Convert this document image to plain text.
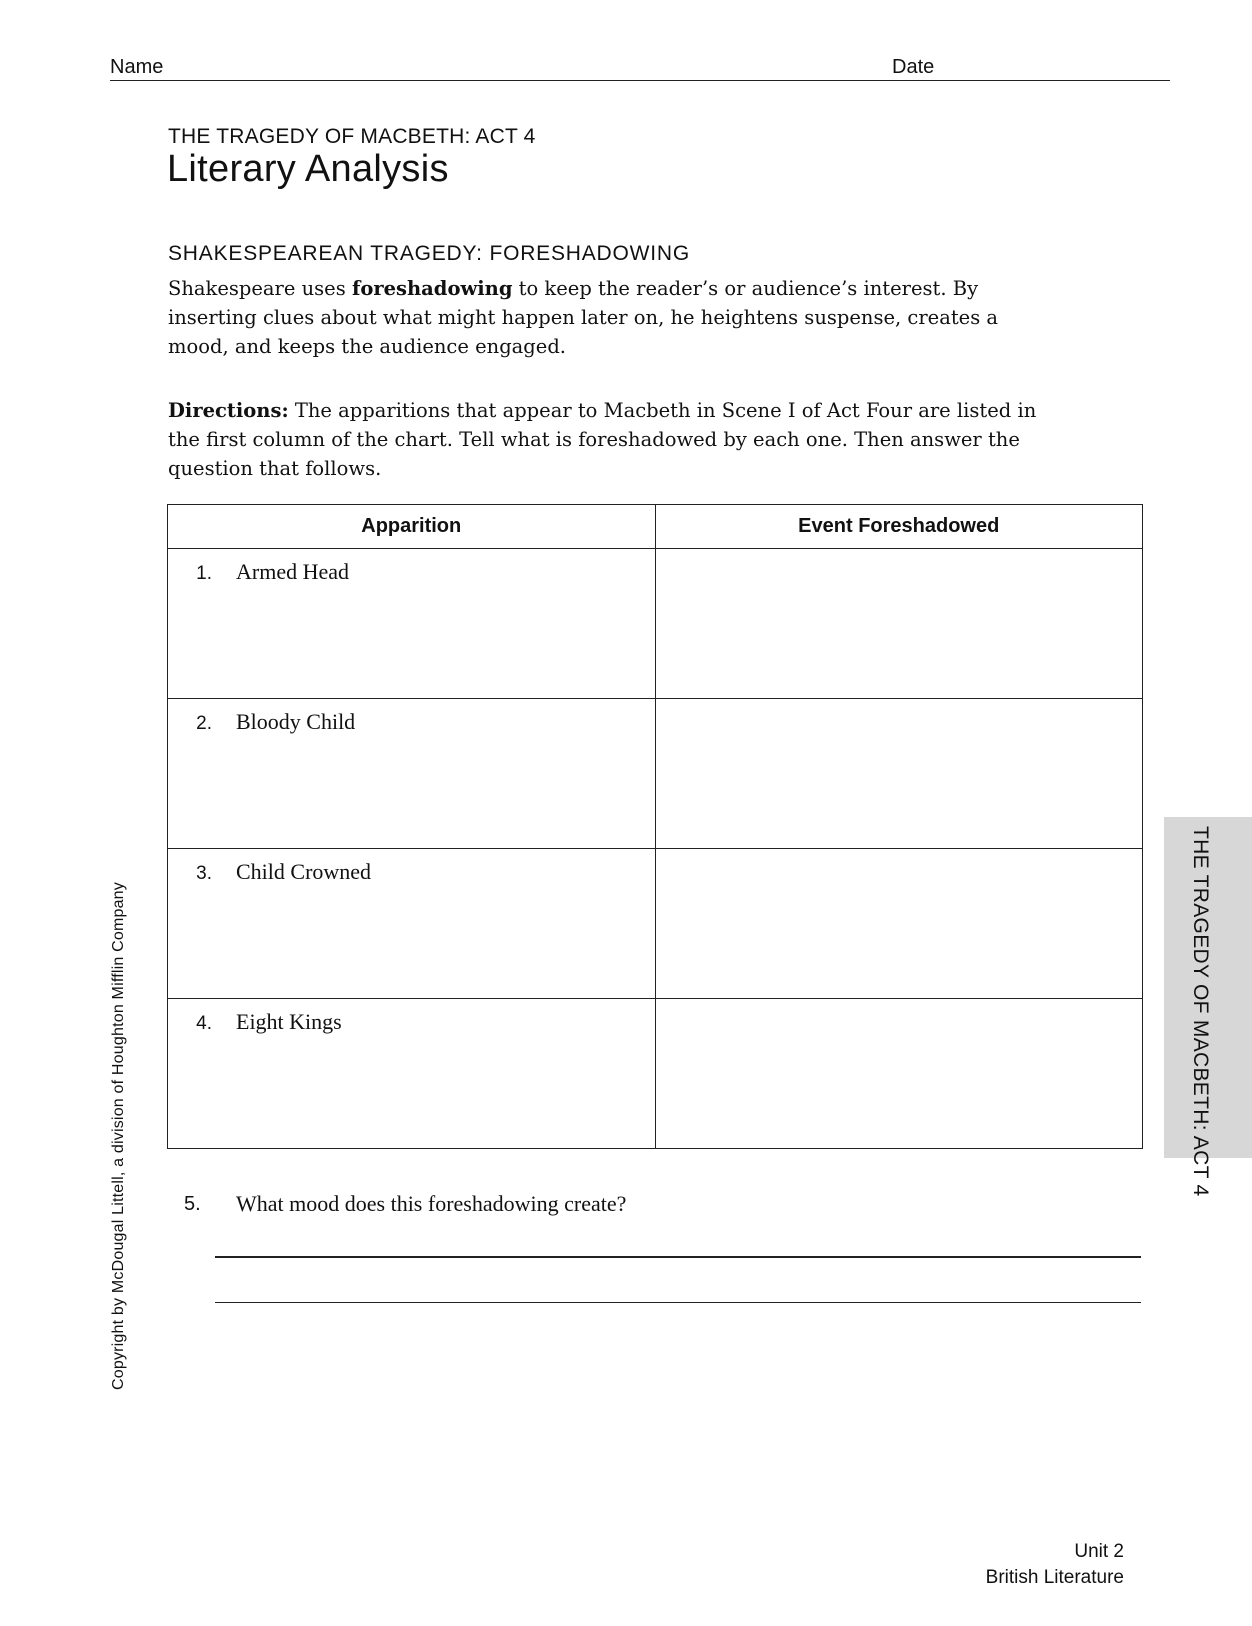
Name	Date
THE TRAGEDY OF MACBETH: ACT 4
Literary Analysis
SHAKESPEAREAN TRAGEDY: FORESHADOWING
Shakespeare uses foreshadowing to keep the reader’s or audience’s interest. By inserting clues about what might happen later on, he heightens suspense, creates a mood, and keeps the audience engaged.
Directions: The apparitions that appear to Macbeth in Scene I of Act Four are listed in the first column of the chart. Tell what is foreshadowed by each one. Then answer the question that follows.
Apparition	Event Foreshadowed
1. Armed Head	
2. Bloody Child	
3. Child Crowned	
4. Eight Kings	
5. What mood does this foreshadowing create?
Copyright by McDougal Littell, a division of Houghton Mifflin Company	THE TRAGEDY OF MACBETH: ACT 4
Unit 2
British Literature
